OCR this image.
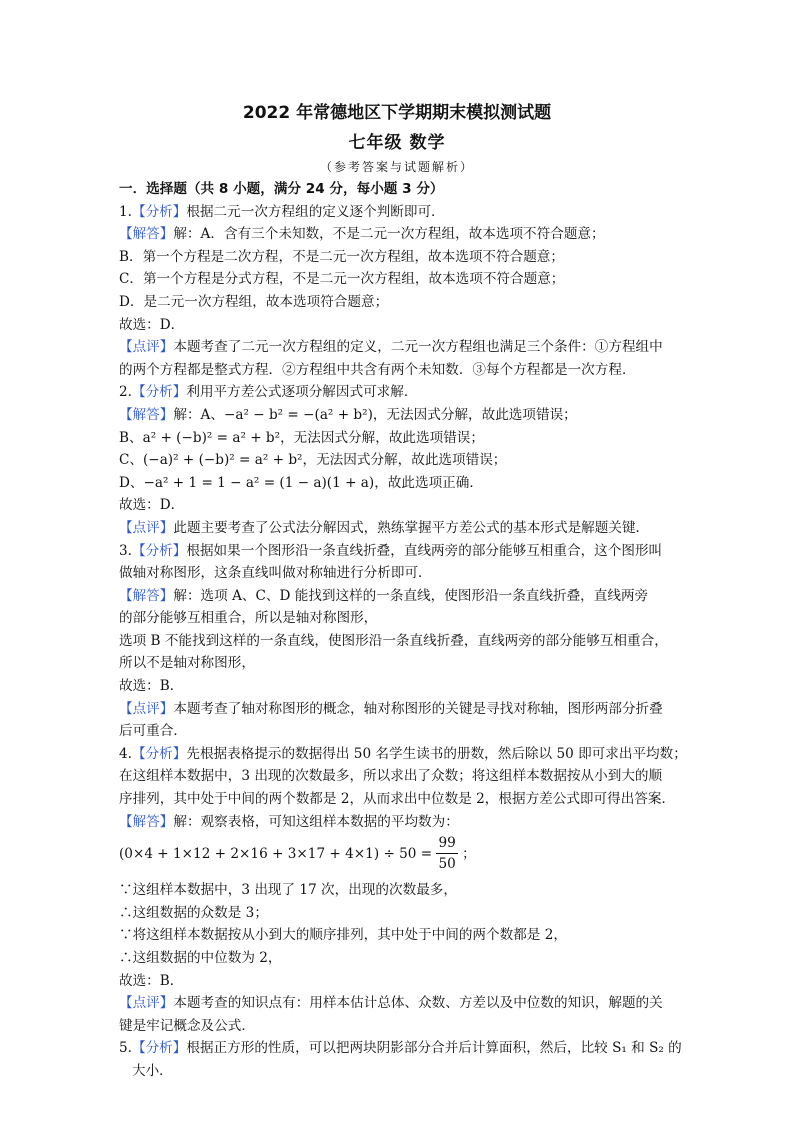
2022 年常德地区下学期期末模拟测试题
七年级 数学
（参考答案与试题解析）
一．选择题（共 8 小题，满分 24 分，每小题 3 分）
1.【分析】根据二元一次方程组的定义逐个判断即可．
【解答】解：A．含有三个未知数，不是二元一次方程组，故本选项不符合题意；
B．第一个方程是二次方程，不是二元一次方程组，故本选项不符合题意；
C．第一个方程是分式方程，不是二元一次方程组，故本选项不符合题意；
D．是二元一次方程组，故本选项符合题意；
故选：D．
【点评】本题考查了二元一次方程组的定义，二元一次方程组也满足三个条件：①方程组中
的两个方程都是整式方程．②方程组中共含有两个未知数．③每个方程都是一次方程．
2.【分析】利用平方差公式逐项分解因式可求解．
【解答】解：A、−a² − b² = −(a² + b²)，无法因式分解，故此选项错误；
B、a² + (−b)² = a² + b²，无法因式分解，故此选项错误；
C、(−a)² + (−b)² = a² + b²，无法因式分解，故此选项错误；
D、−a² + 1 = 1 − a² = (1 − a)(1 + a)，故此选项正确．
故选：D．
【点评】此题主要考查了公式法分解因式，熟练掌握平方差公式的基本形式是解题关键．
3.【分析】根据如果一个图形沿一条直线折叠，直线两旁的部分能够互相重合，这个图形叫
做轴对称图形，这条直线叫做对称轴进行分析即可．
【解答】解：选项 A、C、D 能找到这样的一条直线，使图形沿一条直线折叠，直线两旁
的部分能够互相重合，所以是轴对称图形，
选项 B 不能找到这样的一条直线，使图形沿一条直线折叠，直线两旁的部分能够互相重合，
所以不是轴对称图形，
故选：B．
【点评】本题考查了轴对称图形的概念，轴对称图形的关键是寻找对称轴，图形两部分折叠
后可重合．
4.【分析】先根据表格提示的数据得出 50 名学生读书的册数，然后除以 50 即可求出平均数；
在这组样本数据中，3 出现的次数最多，所以求出了众数；将这组样本数据按从小到大的顺
序排列，其中处于中间的两个数都是 2，从而求出中位数是 2，根据方差公式即可得出答案．
【解答】解：观察表格，可知这组样本数据的平均数为：
$(0\times 4 + 1\times 12 + 2\times 16 + 3\times 17 + 4\times 1) \div 50 = \frac{99}{50}$ ；
∵这组样本数据中，3 出现了 17 次，出现的次数最多，
∴这组数据的众数是 3；
∵将这组样本数据按从小到大的顺序排列，其中处于中间的两个数都是 2，
∴这组数据的中位数为 2，
故选：B．
【点评】本题考查的知识点有：用样本估计总体、众数、方差以及中位数的知识，解题的关
键是牢记概念及公式．
5.【分析】根据正方形的性质，可以把两块阴影部分合并后计算面积，然后，比较 S₁ 和 S₂ 的
大小．
